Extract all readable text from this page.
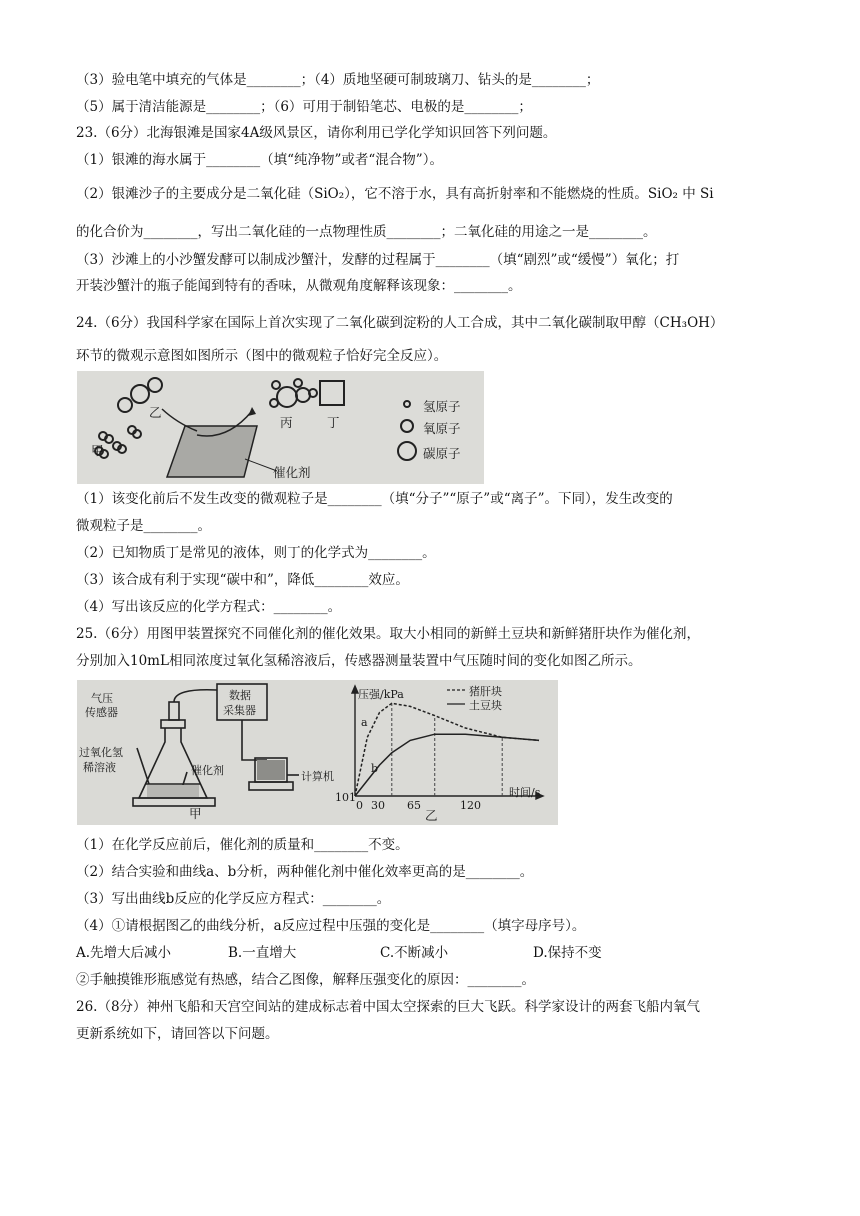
（3）验电笔中填充的气体是________；（4）质地坚硬可制玻璃刀、钻头的是________；
（5）属于清洁能源是________；（6）可用于制铅笔芯、电极的是________；
23.（6分）北海银滩是国家4A级风景区，请你利用已学化学知识回答下列问题。
（1）银滩的海水属于________（填“纯净物”或者“混合物”）。
（2）银滩沙子的主要成分是二氧化硅（SiO₂），它不溶于水，具有高折射率和不能燃烧的性质。SiO₂ 中 Si
的化合价为________，写出二氧化硅的一点物理性质________；二氧化硅的用途之一是________。
（3）沙滩上的小沙蟹发酵可以制成沙蟹汁，发酵的过程属于________（填“剧烈”或“缓慢”）氧化；打
开装沙蟹汁的瓶子能闻到特有的香味，从微观角度解释该现象：________。
24.（6分）我国科学家在国际上首次实现了二氧化碳到淀粉的人工合成，其中二氧化碳制取甲醇（CH₃OH）
环节的微观示意图如图所示（图中的微观粒子恰好完全反应）。
乙
甲
丙	丁
催化剂
氢原子
氧原子
碳原子
（1）该变化前后不发生改变的微观粒子是________（填“分子”“原子”或“离子”。下同），发生改变的
微观粒子是________。
（2）已知物质丁是常见的液体，则丁的化学式为________。
（3）该合成有利于实现“碳中和”，降低________效应。
（4）写出该反应的化学方程式：________。
25.（6分）用图甲装置探究不同催化剂的催化效果。取大小相同的新鲜土豆块和新鲜猪肝块作为催化剂，
分别加入10mL相同浓度过氧化氢稀溶液后，传感器测量装置中气压随时间的变化如图乙所示。
气压
传感器
数据
采集器
过氧化氢
稀溶液	催化剂	计算机
甲	乙
压强/kPa
时间/s
猪肝块
土豆块
a
b
101
0 30 65	120
（1）在化学反应前后，催化剂的质量和________不变。
（2）结合实验和曲线a、b分析，两种催化剂中催化效率更高的是________。
（3）写出曲线b反应的化学反应方程式：________。
（4）①请根据图乙的曲线分析，a反应过程中压强的变化是________（填字母序号）。
A.先增大后减小	B.一直增大	C.不断减小	D.保持不变
②手触摸锥形瓶感觉有热感，结合乙图像，解释压强变化的原因：________。
26.（8分）神州飞船和天宫空间站的建成标志着中国太空探索的巨大飞跃。科学家设计的两套飞船内氧气
更新系统如下，请回答以下问题。
